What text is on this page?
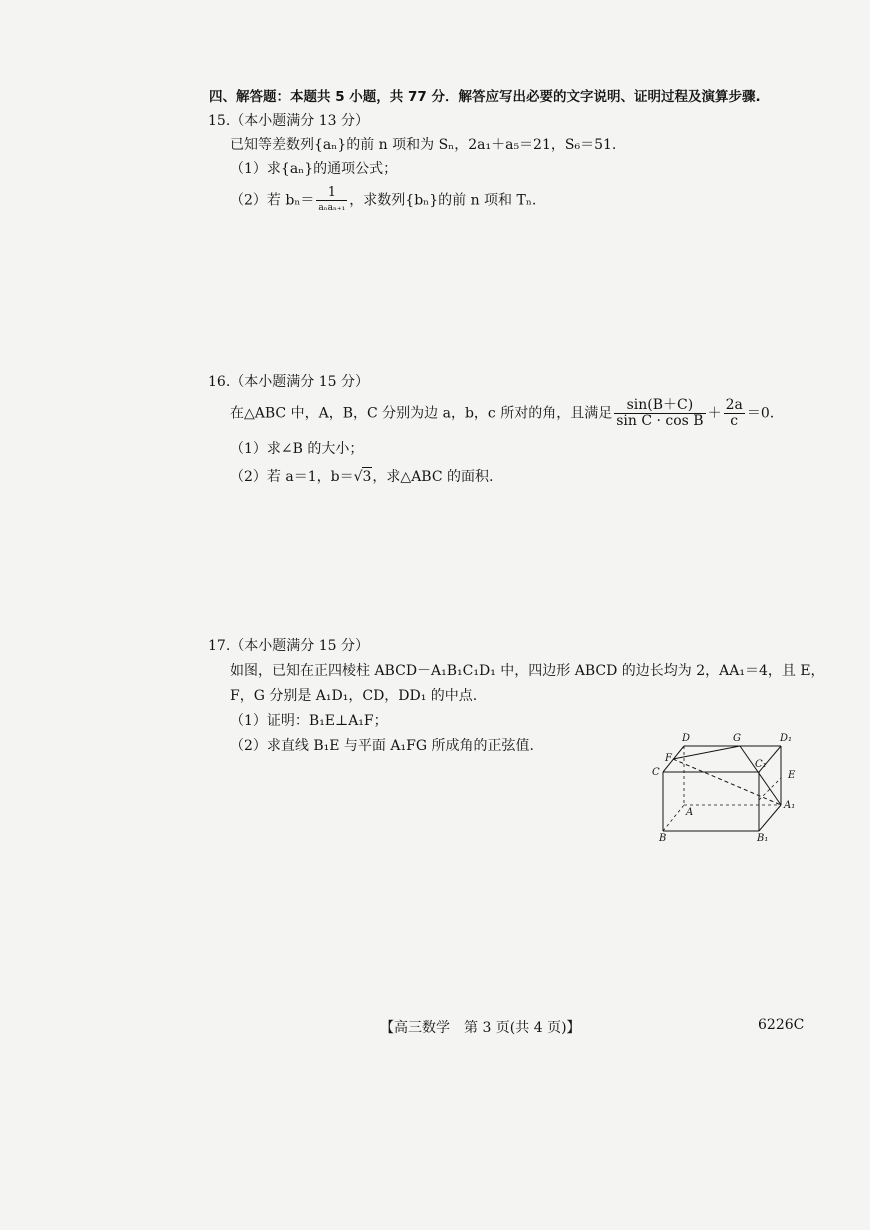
四、解答题：本题共 5 小题，共 77 分．解答应写出必要的文字说明、证明过程及演算步骤.
15.（本小题满分 13 分）
已知等差数列{aₙ}的前 n 项和为 Sₙ，2a₁＋a₅＝21，S₆＝51.
（1）求{aₙ}的通项公式；
（2）若 $b_n= \frac{1}{\text{aₙaₙ₊₁}}$ ，求数列{bₙ}的前 n 项和 Tₙ.
16.（本小题满分 15 分）
在△ABC 中，A，B，C 分别为边 a，b，c 所对的角，且满足 $\frac{\sin(B+C)}{\text{sin C · cos B}} + \frac{2a}{c} =0$.
（1）求∠B 的大小；
（2）若 a＝1，b＝√3，求△ABC 的面积.
17.（本小题满分 15 分）
如图，已知在正四棱柱 ABCD－A₁B₁C₁D₁ 中，四边形 ABCD 的边长均为 2，AA₁＝4，且 E，
F，G 分别是 A₁D₁，CD，DD₁ 的中点.
（1）证明：B₁E⊥A₁F；
（2）求直线 B₁E 与平面 A₁FG 所成角的正弦值.	D	G	D₁
F
C
C₁
E
A
A₁
B	B₁
【高三数学　第 3 页(共 4 页)】	6226C
